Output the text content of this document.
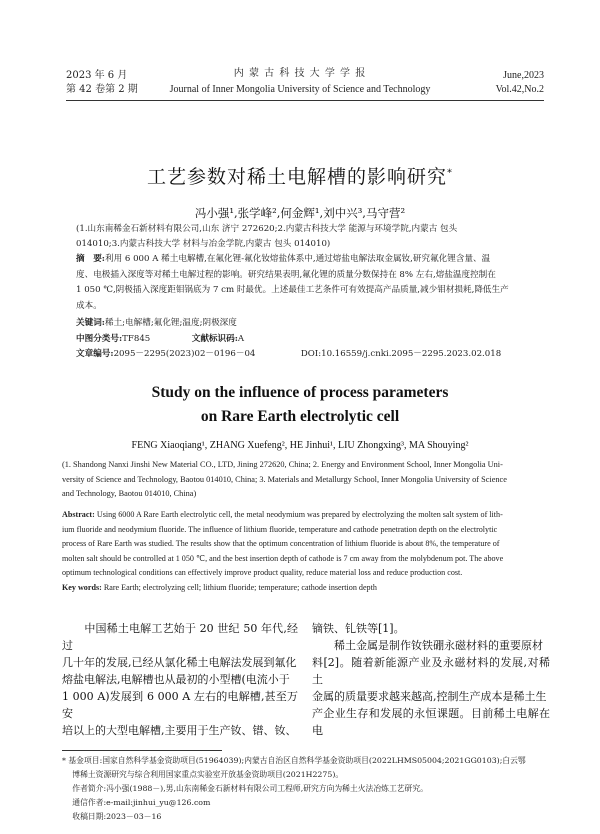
2023 年 6 月
第 42 卷第 2 期
内 蒙 古 科 技 大 学 学 报
Journal of Inner Mongolia University of Science and Technology
June,2023
Vol.42,No.2
工艺参数对稀土电解槽的影响研究*
冯小强¹,张学峰²,何金辉¹,刘中兴³,马守营²
(1.山东南稀金石新材料有限公司,山东 济宁 272620;2.内蒙古科技大学 能源与环境学院,内蒙古 包头
014010;3.内蒙古科技大学 材料与冶金学院,内蒙古 包头 014010)
摘　要:利用 6 000 A 稀土电解槽,在氟化锂-氟化钕熔盐体系中,通过熔盐电解法取金属钕,研究氟化锂含量、温
度、电极插入深度等对稀土电解过程的影响。研究结果表明,氟化锂的质量分数保持在 8% 左右,熔盐温度控制在
1 050 ℃,阴极插入深度距钼锅底为 7 cm 时最优。上述最佳工艺条件可有效提高产品质量,减少钼材损耗,降低生产
成本。
关键词:稀土;电解槽;氟化锂;温度;阴极深度
中图分类号:TF845	文献标识码:A
文章编号:2095－2295(2023)02－0196－04	DOI:10.16559/j.cnki.2095－2295.2023.02.018
Study on the influence of process parameters
on Rare Earth electrolytic cell
FENG Xiaoqiang¹, ZHANG Xuefeng², HE Jinhui¹, LIU Zhongxing³, MA Shouying²
(1. Shandong Nanxi Jinshi New Material CO., LTD, Jining 272620, China; 2. Energy and Environment School, Inner Mongolia Uni-
versity of Science and Technology, Baotou 014010, China; 3. Materials and Metallurgy School, Inner Mongolia University of Science
and Technology, Baotou 014010, China)
Abstract: Using 6000 A Rare Earth electrolytic cell, the metal neodymium was prepared by electrolyzing the molten salt system of lith-
ium fluoride and neodymium fluoride. The influence of lithium fluoride, temperature and cathode penetration depth on the electrolytic
process of Rare Earth was studied. The results show that the optimum concentration of lithium fluoride is about 8%, the temperature of
molten salt should be controlled at 1 050 ℃, and the best insertion depth of cathode is 7 cm away from the molybdenum pot. The above
optimum technological conditions can effectively improve product quality, reduce material loss and reduce production cost.
Key words: Rare Earth; electrolyzing cell; lithium fluoride; temperature; cathode insertion depth
　　中国稀土电解工艺始于 20 世纪 50 年代,经过
几十年的发展,已经从氯化稀土电解法发展到氟化
熔盐电解法,电解槽也从最初的小型槽(电流小于
1 000 A)发展到 6 000 A 左右的电解槽,甚至万安
培以上的大型电解槽,主要用于生产钕、镨、钕、
镝铁、钆铁等[1]。
　　稀土金属是制作钕铁硼永磁材料的重要原材
料[2]。随着新能源产业及永磁材料的发展,对稀土
金属的质量要求越来越高,控制生产成本是稀土生
产企业生存和发展的永恒课题。目前稀土电解在电
* 基金项目:国家自然科学基金资助项目(51964039);内蒙古自治区自然科学基金资助项目(2022LHMS05004;2021GG0103);白云鄂
　 博稀土资源研究与综合利用国家重点实验室开放基金资助项目(2021H2275)。
　 作者简介:冯小强(1988－),男,山东南稀金石新材料有限公司工程师,研究方向为稀土火法冶炼工艺研究。
　 通信作者:e-mail:jinhui_yu@126.com
　 收稿日期:2023－03－16
